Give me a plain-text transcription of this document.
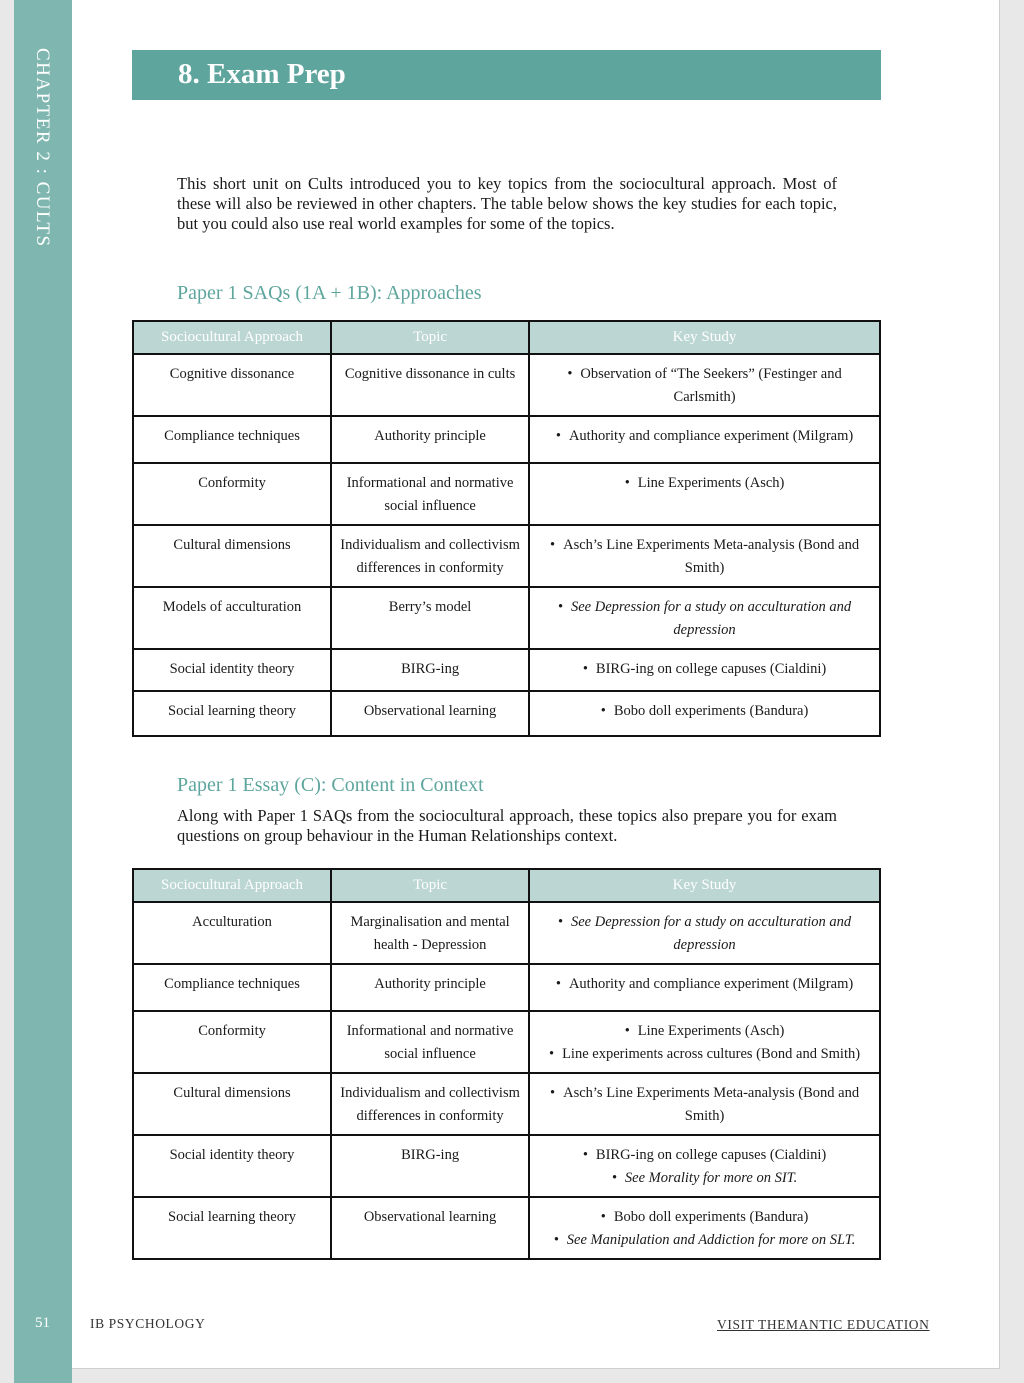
CHAPTER 2 : CULTS
51
8. Exam Prep
This short unit on Cults introduced you to key topics from the sociocultural approach. Most of these will also be reviewed in other chapters. The table below shows the key studies for each topic, but you could also use real world examples for some of the topics.
Paper 1 SAQs (1A + 1B): Approaches
Sociocultural Approach	Topic	Key Study
Cognitive dissonance	Cognitive dissonance in cults	• Observation of “The Seekers” (Festinger and Carlsmith)

Compliance techniques	Authority principle	• Authority and compliance experiment (Milgram)

Conformity	Informational and normative social influence	• Line Experiments (Asch)

Cultural dimensions	Individualism and collectivism differences in conformity	• Asch’s Line Experiments Meta-analysis (Bond and Smith)

Models of acculturation	Berry’s model	• See Depression for a study on acculturation and depression

Social identity theory	BIRG-ing	• BIRG-ing on college capuses (Cialdini)

Social learning theory	Observational learning	• Bobo doll experiments (Bandura)
Paper 1 Essay (C): Content in Context
Along with Paper 1 SAQs from the sociocultural approach, these topics also prepare you for exam questions on group behaviour in the Human Relationships context.
Sociocultural Approach	Topic	Key Study
Acculturation	Marginalisation and mental health - Depression	• See Depression for a study on acculturation and depression

Compliance techniques	Authority principle	• Authority and compliance experiment (Milgram)

Conformity	Informational and normative social influence	• Line Experiments (Asch)
• Line experiments across cultures (Bond and Smith)

Cultural dimensions	Individualism and collectivism differences in conformity	• Asch’s Line Experiments Meta-analysis (Bond and Smith)

Social identity theory	BIRG-ing	• BIRG-ing on college capuses (Cialdini)
• See Morality for more on SIT.

Social learning theory	Observational learning	• Bobo doll experiments (Bandura)
• See Manipulation and Addiction for more on SLT.
IB PSYCHOLOGY	VISIT THEMANTIC EDUCATION
